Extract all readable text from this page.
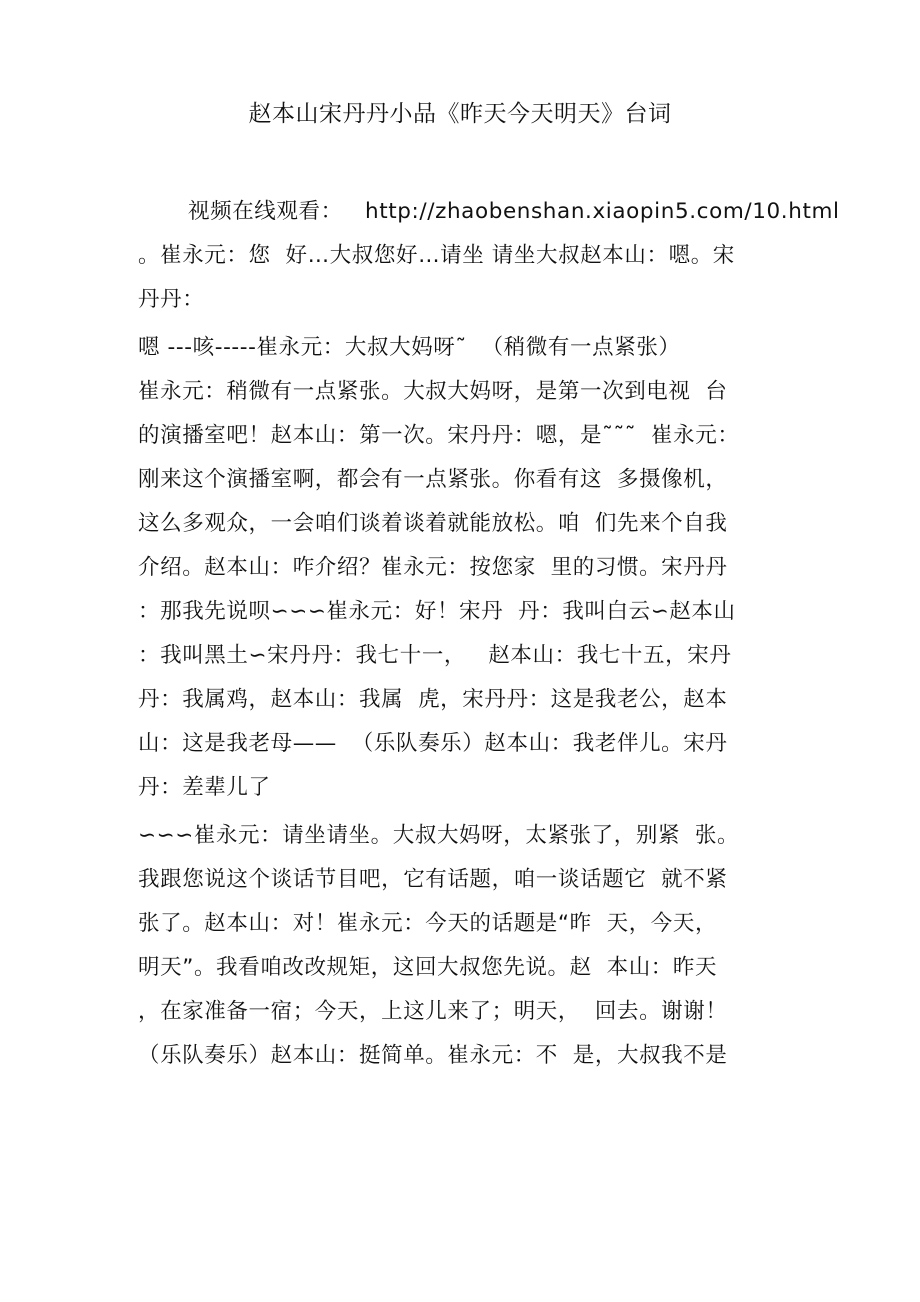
赵本山宋丹丹小品《昨天今天明天》台词
视频在线观看：   http://zhaobenshan.xiaopin5.com/10.html
。崔永元：您  好…大叔您好…请坐 请坐大叔赵本山：嗯。宋
丹丹：
嗯 ---咳-----崔永元：大叔大妈呀˜  （稍微有一点紧张）
崔永元：稍微有一点紧张。大叔大妈呀，是第一次到电视  台
的演播室吧！赵本山：第一次。宋丹丹：嗯，是˜˜˜  崔永元：
刚来这个演播室啊，都会有一点紧张。你看有这  多摄像机，
这么多观众，一会咱们谈着谈着就能放松。咱  们先来个自我
介绍。赵本山：咋介绍？崔永元：按您家  里的习惯。宋丹丹
：那我先说呗∽∽∽崔永元：好！宋丹  丹：我叫白云∽赵本山
：我叫黑土∽宋丹丹：我七十一，   赵本山：我七十五，宋丹
丹：我属鸡，赵本山：我属  虎，宋丹丹：这是我老公，赵本
山：这是我老母——  （乐队奏乐）赵本山：我老伴儿。宋丹
丹：差辈儿了
∽∽∽崔永元：请坐请坐。大叔大妈呀，太紧张了，别紧  张。
我跟您说这个谈话节目吧，它有话题，咱一谈话题它  就不紧
张了。赵本山：对！崔永元：今天的话题是“昨  天，今天，
明天”。我看咱改改规矩，这回大叔您先说。赵  本山：昨天
，在家准备一宿；今天，上这儿来了；明天，  回去。谢谢！
（乐队奏乐）赵本山：挺简单。崔永元：不  是，大叔我不是
